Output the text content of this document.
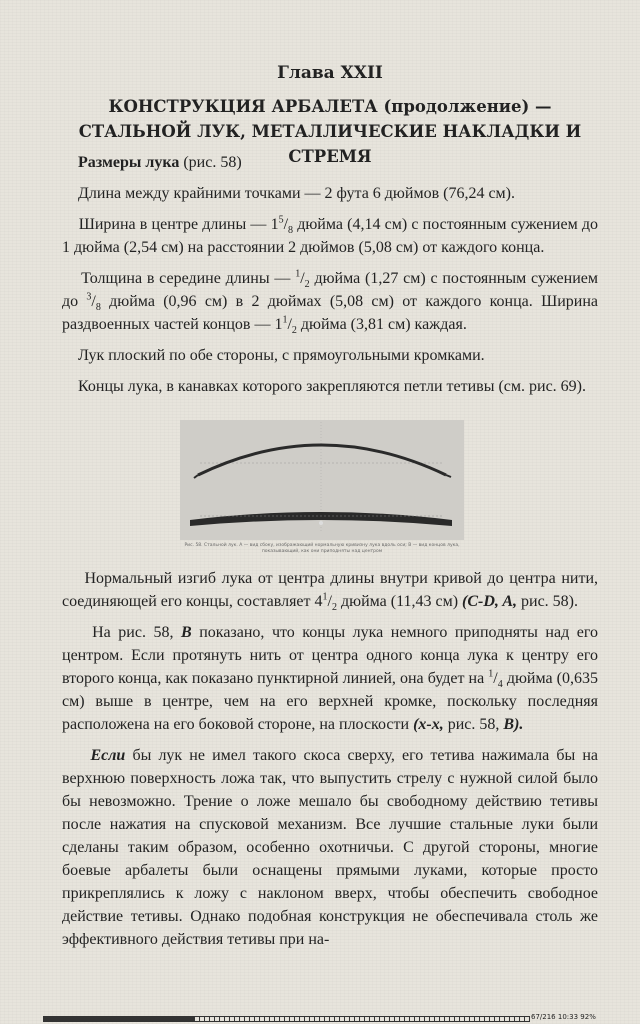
Глава XXII
КОНСТРУКЦИЯ АРБАЛЕТА (продолжение) — СТАЛЬНОЙ ЛУК, МЕТАЛЛИЧЕСКИЕ НАКЛАДКИ И СТРЕМЯ

Размеры лука (рис. 58)

Длина между крайними точками — 2 фута 6 дюймов (76,24 см).

Ширина в центре длины — $1^5/_8$ дюйма (4,14 см) с постоянным сужением до 1 дюйма (2,54 см) на расстоянии 2 дюймов (5,08 см) от каждого конца.

Толщина в середине длины — $^1/_2$ дюйма (1,27 см) с постоянным сужением до $^3/_8$ дюйма (0,96 см) в 2 дюймах (5,08 см) от каждого конца. Ширина раздвоенных частей концов — $1^1/_2$ дюйма (3,81 см) каждая.

Лук плоский по обе стороны, с прямоугольными кромками.

Концы лука, в канавках которого закрепляются петли тетивы (см. рис. 69).

Рис. 58. Стальной лук. А — вид сбоку, изображающий нормальную кривизну лука вдоль оси; В — вид концов лука, показывающий, как они приподняты над центром

Нормальный изгиб лука от центра длины внутри кривой до центра нити, соединяющей его концы, составляет $4^1/_2$ дюйма (11,43 см) (C-D, A, рис. 58).

На рис. 58, B показано, что концы лука немного приподняты над его центром. Если протянуть нить от центра одного конца лука к центру его второго конца, как показано пунктирной линией, она будет на $^1/_4$ дюйма (0,635 см) выше в центре, чем на его верхней кромке, поскольку последняя расположена на его боковой стороне, на плоскости (х-х, рис. 58, В).

Если бы лук не имел такого скоса сверху, его тетива нажимала бы на верхнюю поверхность ложа так, что выпустить стрелу с нужной силой было бы невозможно. Трение о ложе мешало бы свободному действию тетивы после нажатия на спусковой механизм. Все лучшие стальные луки были сделаны таким образом, особенно охотничьи. С другой стороны, многие боевые арбалеты были оснащены прямыми луками, которые просто прикреплялись к ложу с наклоном вверх, чтобы обеспечить свободное действие тетивы. Однако подобная конструкция не обеспечивала столь же эффективного действия тетивы при на-

67/216 10:33 92%
